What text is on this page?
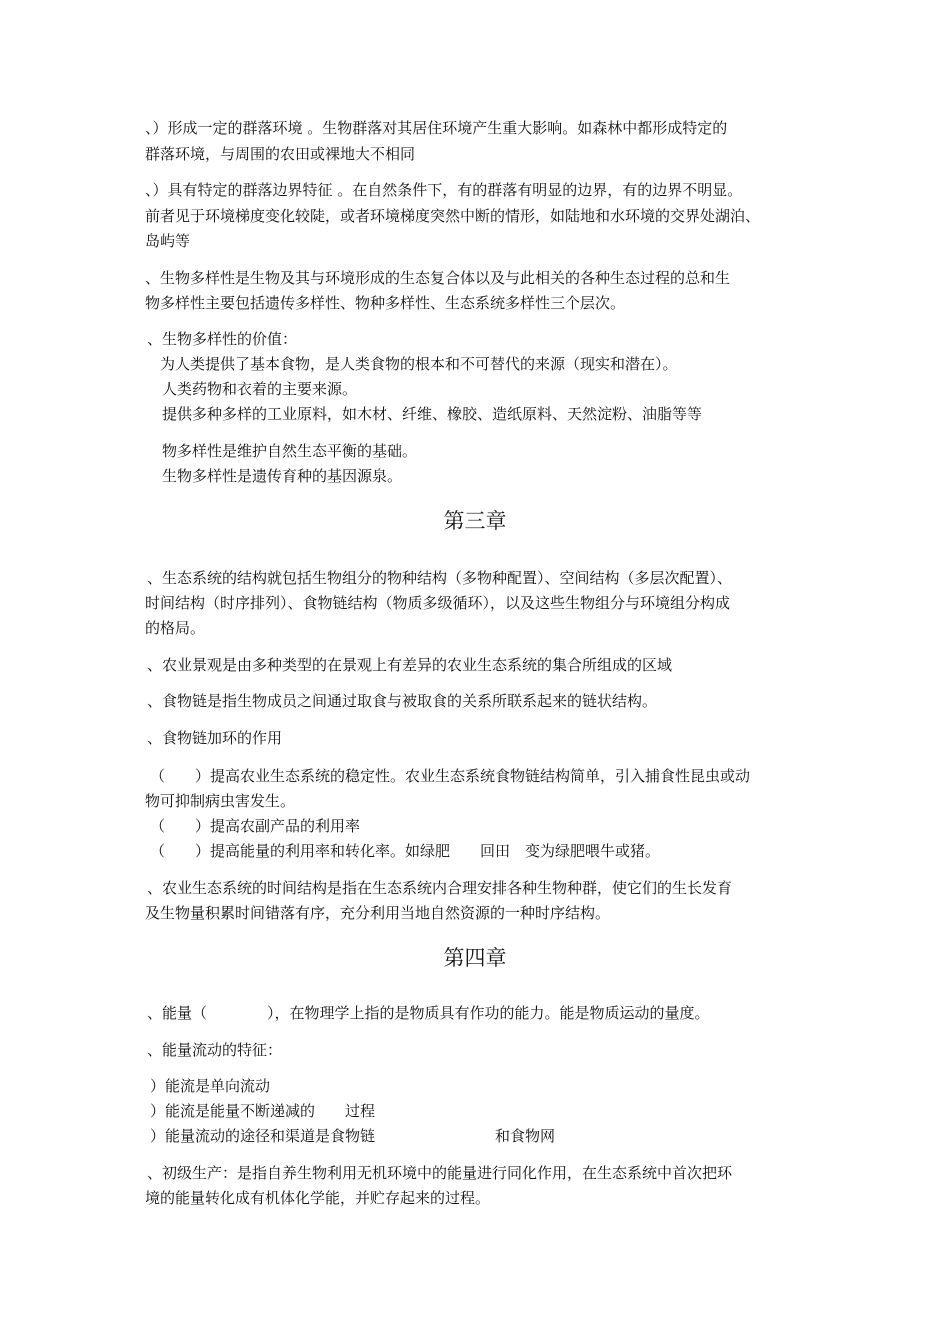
、）形成一定的群落环境 。生物群落对其居住环境产生重大影响。如森林中都形成特定的
群落环境，与周围的农田或裸地大不相同
、）具有特定的群落边界特征 。在自然条件下，有的群落有明显的边界，有的边界不明显。
前者见于环境梯度变化较陡，或者环境梯度突然中断的情形，如陆地和水环境的交界处湖泊、
岛屿等
、生物多样性是生物及其与环境形成的生态复合体以及与此相关的各种生态过程的总和生
物多样性主要包括遗传多样性、物种多样性、生态系统多样性三个层次。
、生物多样性的价值：
为人类提供了基本食物，是人类食物的根本和不可替代的来源（现实和潜在）。
人类药物和衣着的主要来源。
提供多种多样的工业原料，如木材、纤维、橡胶、造纸原料、天然淀粉、油脂等等
物多样性是维护自然生态平衡的基础。
生物多样性是遗传育种的基因源泉。
第三章
、生态系统的结构就包括生物组分的物种结构（多物种配置）、空间结构（多层次配置）、
时间结构（时序排列）、食物链结构（物质多级循环），以及这些生物组分与环境组分构成
的格局。
、农业景观是由多种类型的在景观上有差异的农业生态系统的集合所组成的区域
、食物链是指生物成员之间通过取食与被取食的关系所联系起来的链状结构。
、食物链加环的作用
（　　）提高农业生态系统的稳定性。农业生态系统食物链结构简单，引入捕食性昆虫或动
物可抑制病虫害发生。
（　　）提高农副产品的利用率
（　　）提高能量的利用率和转化率。如绿肥　　回田　变为绿肥喂牛或猪。
、农业生态系统的时间结构是指在生态系统内合理安排各种生物种群，使它们的生长发育
及生物量积累时间错落有序，充分利用当地自然资源的一种时序结构。
第四章
、能量（　　　　），在物理学上指的是物质具有作功的能力。能是物质运动的量度。
、能量流动的特征：
）能流是单向流动
）能流是能量不断递减的　　过程
）能量流动的途径和渠道是食物链　　　　　　　　和食物网
、初级生产：是指自养生物利用无机环境中的能量进行同化作用，在生态系统中首次把环
境的能量转化成有机体化学能，并贮存起来的过程。
